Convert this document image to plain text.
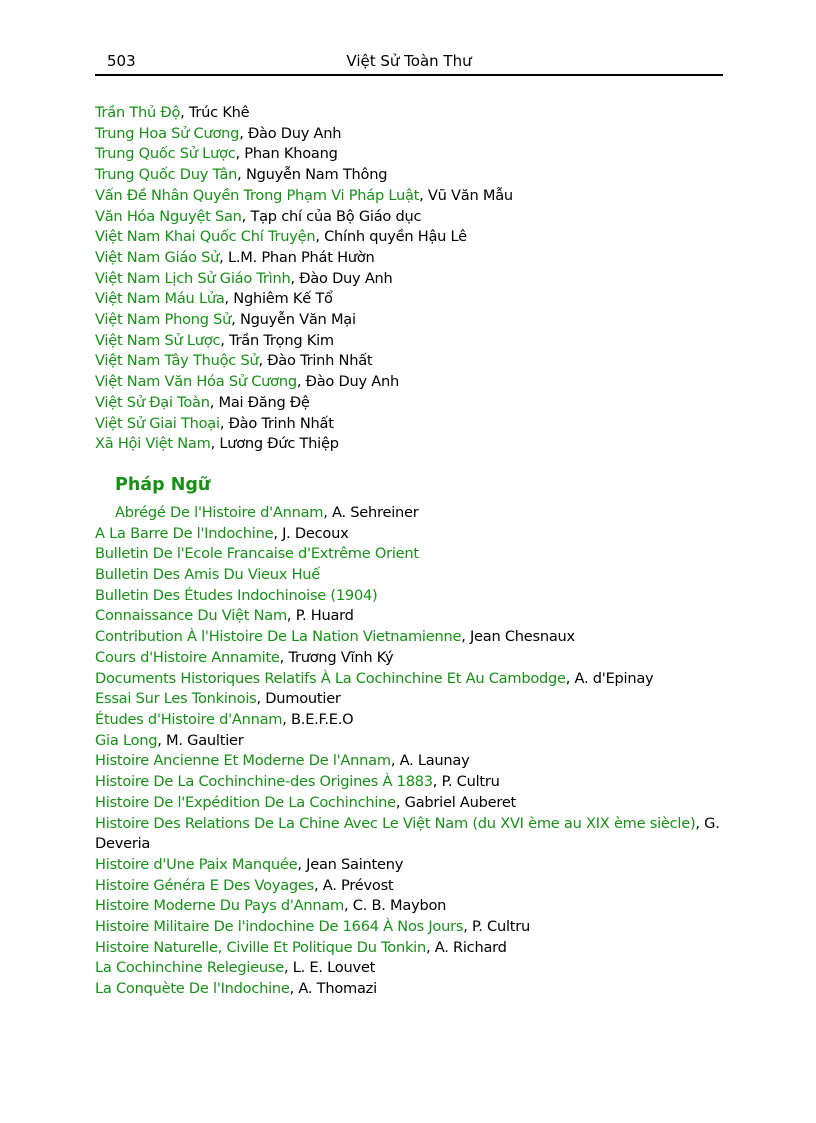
503	Việt Sử Toàn Thư
Trần Thủ Độ, Trúc Khê
Trung Hoa Sử Cương, Đào Duy Anh
Trung Quốc Sử Lược, Phan Khoang
Trung Quốc Duy Tân, Nguyễn Nam Thông
Vấn Đề Nhân Quyền Trong Phạm Vi Pháp Luật, Vũ Văn Mẫu
Văn Hóa Nguyệt San, Tạp chí của Bộ Giáo dục
Việt Nam Khai Quốc Chí Truyện, Chính quyền Hậu Lê
Việt Nam Giáo Sử, L.M. Phan Phát Hườn
Việt Nam Lịch Sử Giáo Trình, Đào Duy Anh
Việt Nam Máu Lửa, Nghiêm Kế Tổ
Việt Nam Phong Sử, Nguyễn Văn Mại
Việt Nam Sử Lược, Trần Trọng Kim
Việt Nam Tây Thuộc Sử, Đào Trinh Nhất
Việt Nam Văn Hóa Sử Cương, Đào Duy Anh
Việt Sử Đại Toàn, Mai Đăng Đệ
Việt Sử Giai Thoại, Đào Trinh Nhất
Xã Hội Việt Nam, Lương Đức Thiệp
Pháp Ngữ
Abrégé De l'Histoire d'Annam, A. Sehreiner
A La Barre De l'Indochine, J. Decoux
Bulletin De l'Ecole Francaise d'Extrême Orient
Bulletin Des Amis Du Vieux Huế
Bulletin Des Études Indochinoise (1904)
Connaissance Du Việt Nam, P. Huard
Contribution À l'Histoire De La Nation Vietnamienne, Jean Chesnaux
Cours d'Histoire Annamite, Trương Vĩnh Ký
Documents Historiques Relatifs À La Cochinchine Et Au Cambodge, A. d'Epinay
Essai Sur Les Tonkinois, Dumoutier
Études d'Histoire d'Annam, B.E.F.E.O
Gia Long, M. Gaultier
Histoire Ancienne Et Moderne De l'Annam, A. Launay
Histoire De La Cochinchine-des Origines À 1883, P. Cultru
Histoire De l'Expédition De La Cochinchine, Gabriel Auberet
Histoire Des Relations De La Chine Avec Le Việt Nam (du XVI ème au XIX ème siècle), G. Deveria
Histoire d'Une Paix Manquée, Jean Sainteny
Histoire Généra E Des Voyages, A. Prévost
Histoire Moderne Du Pays d'Annam, C. B. Maybon
Histoire Militaire De l'indochine De 1664 À Nos Jours, P. Cultru
Histoire Naturelle, Civille Et Politique Du Tonkin, A. Richard
La Cochinchine Relegieuse, L. E. Louvet
La Conquète De l'Indochine, A. Thomazi
